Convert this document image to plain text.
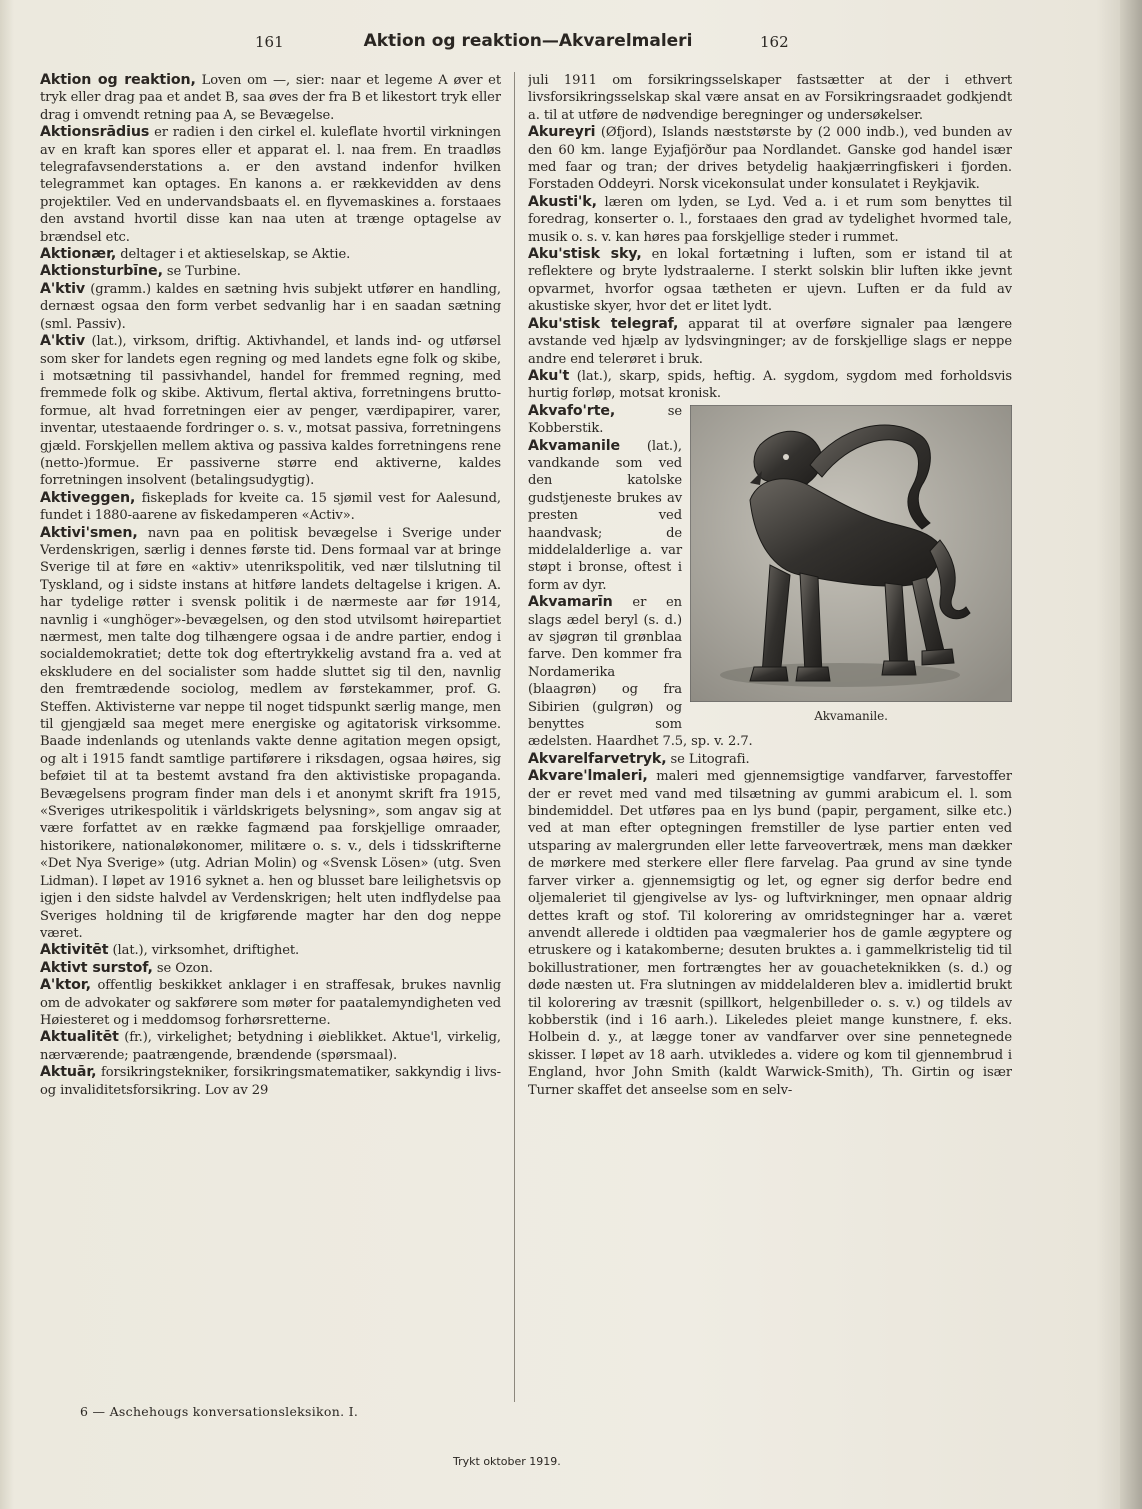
161	Aktion og reaktion—Akvarelmaleri	162

Aktion og reaktion, Loven om —, sier: naar et legeme A øver et tryk eller drag paa et andet B, saa øves der fra B et likestort tryk eller drag i omvendt retning paa A, se Bevægelse.

Aktionsrādius er radien i den cirkel el. kuleflate hvortil virkningen av en kraft kan spores eller et apparat el. l. naa frem. En traadløs telegrafavsenderstations a. er den avstand indenfor hvilken telegrammet kan optages. En kanons a. er rækkevidden av dens projektiler. Ved en undervandsbaats el. en flyvemaskines a. forstaaes den avstand hvortil disse kan naa uten at trænge optagelse av brændsel etc.

Aktionær, deltager i et aktieselskap, se Aktie.

Aktionsturbīne, se Turbine.

A'ktiv (gramm.) kaldes en sætning hvis subjekt utfører en handling, dernæst ogsaa den form verbet sedvanlig har i en saadan sætning (sml. Passiv).

A'ktiv (lat.), virksom, driftig. Aktivhandel, et lands ind- og utførsel som sker for landets egen regning og med landets egne folk og skibe, i motsætning til passivhandel, handel for fremmed regning, med fremmede folk og skibe. Aktivum, flertal aktiva, forretningens brutto-formue, alt hvad forretningen eier av penger, værdipapirer, varer, inventar, utestaaende fordringer o. s. v., motsat passiva, forretningens gjæld. Forskjellen mellem aktiva og passiva kaldes forretningens rene (netto-)formue. Er passiverne større end aktiverne, kaldes forretningen insolvent (betalingsudygtig).

Aktiveggen, fiskeplads for kveite ca. 15 sjømil vest for Aalesund, fundet i 1880-aarene av fiskedamperen «Activ».

Aktivi'smen, navn paa en politisk bevægelse i Sverige under Verdenskrigen, særlig i dennes første tid. Dens formaal var at bringe Sverige til at føre en «aktiv» utenrikspolitik, ved nær tilslutning til Tyskland, og i sidste instans at hitføre landets deltagelse i krigen. A. har tydelige røtter i svensk politik i de nærmeste aar før 1914, navnlig i «unghöger»-bevægelsen, og den stod utvilsomt høirepartiet nærmest, men talte dog tilhængere ogsaa i de andre partier, endog i socialdemokratiet; dette tok dog eftertrykkelig avstand fra a. ved at ekskludere en del socialister som hadde sluttet sig til den, navnlig den fremtrædende sociolog, medlem av førstekammer, prof. G. Steffen. Aktivisterne var neppe til noget tidspunkt særlig mange, men til gjengjæld saa meget mere energiske og agitatorisk virksomme. Baade indenlands og utenlands vakte denne agitation megen opsigt, og alt i 1915 fandt samtlige partiførere i riksdagen, ogsaa høires, sig beføiet til at ta bestemt avstand fra den aktivistiske propaganda. Bevægelsens program finder man dels i et anonymt skrift fra 1915, «Sveriges utrikespolitik i världskrigets belysning», som angav sig at være forfattet av en række fagmænd paa forskjellige omraader, historikere, nationaløkonomer, militære o. s. v., dels i tidsskrifterne «Det Nya Sverige» (utg. Adrian Molin) og «Svensk Lösen» (utg. Sven Lidman). I løpet av 1916 syknet a. hen og blusset bare leilighetsvis op igjen i den sidste halvdel av Verdenskrigen; helt uten indflydelse paa Sveriges holdning til de krigførende magter har den dog neppe været.

Aktivitēt (lat.), virksomhet, driftighet.

Aktivt surstof, se Ozon.

A'ktor, offentlig beskikket anklager i en straffesak, brukes navnlig om de advokater og sakførere som møter for paatalemyndigheten ved Høiesteret og i meddomsog forhørsretterne.

Aktualitēt (fr.), virkelighet; betydning i øieblikket. Aktue'l, virkelig, nærværende; paatrængende, brændende (spørsmaal).

Aktuār, forsikringstekniker, forsikringsmatematiker, sakkyndig i livs- og invaliditetsforsikring. Lov av 29

juli 1911 om forsikringsselskaper fastsætter at der i ethvert livsforsikringsselskap skal være ansat en av Forsikringsraadet godkjendt a. til at utføre de nødvendige beregninger og undersøkelser.

Akureyri (Øfjord), Islands næststørste by (2 000 indb.), ved bunden av den 60 km. lange Eyjafjörður paa Nordlandet. Ganske god handel især med faar og tran; der drives betydelig haakjærringfiskeri i fjorden. Forstaden Oddeyri. Norsk vicekonsulat under konsulatet i Reykjavik.

Akusti'k, læren om lyden, se Lyd. Ved a. i et rum som benyttes til foredrag, konserter o. l., forstaaes den grad av tydelighet hvormed tale, musik o. s. v. kan høres paa forskjellige steder i rummet.

Aku'stisk sky, en lokal fortætning i luften, som er istand til at reflektere og bryte lydstraalerne. I sterkt solskin blir luften ikke jevnt opvarmet, hvorfor ogsaa tætheten er ujevn. Luften er da fuld av akustiske skyer, hvor det er litet lydt.

Aku'stisk telegraf, apparat til at overføre signaler paa længere avstande ved hjælp av lydsvingninger; av de forskjellige slags er neppe andre end telerøret i bruk.

Aku't (lat.), skarp, spids, heftig. A. sygdom, sygdom med forholdsvis hurtig forløp, motsat kronisk.

Akvamanile.

Akvafo'rte, se Kobberstik.

Akvamanile (lat.), vandkande som ved den katolske gudstjeneste brukes av presten ved haandvask; de middelalderlige a. var støpt i bronse, oftest i form av dyr.

Akvamarīn er en slags ædel beryl (s. d.) av sjøgrøn til grønblaa farve. Den kommer fra Nordamerika (blaagrøn) og fra Sibirien (gulgrøn) og benyttes som ædelsten. Haardhet 7.5, sp. v. 2.7.

Akvarelfarvetryk, se Litografi.

Akvare'lmaleri, maleri med gjennemsigtige vandfarver, farvestoffer der er revet med vand med tilsætning av gummi arabicum el. l. som bindemiddel. Det utføres paa en lys bund (papir, pergament, silke etc.) ved at man efter optegningen fremstiller de lyse partier enten ved utsparing av malergrunden eller lette farveovertræk, mens man dækker de mørkere med sterkere eller flere farvelag. Paa grund av sine tynde farver virker a. gjennemsigtig og let, og egner sig derfor bedre end oljemaleriet til gjengivelse av lys- og luftvirkninger, men opnaar aldrig dettes kraft og stof. Til kolorering av omridstegninger har a. været anvendt allerede i oldtiden paa vægmalerier hos de gamle ægyptere og etruskere og i katakomberne; desuten bruktes a. i gammelkristelig tid til bokillustrationer, men fortrængtes her av gouacheteknikken (s. d.) og døde næsten ut. Fra slutningen av middelalderen blev a. imidlertid brukt til kolorering av træsnit (spillkort, helgenbilleder o. s. v.) og tildels av kobberstik (ind i 16 aarh.). Likeledes pleiet mange kunstnere, f. eks. Holbein d. y., at lægge toner av vandfarver over sine pennetegnede skisser. I løpet av 18 aarh. utvikledes a. videre og kom til gjennembrud i England, hvor John Smith (kaldt Warwick-Smith), Th. Girtin og især Turner skaffet det anseelse som en selv-

6 — Aschehougs konversationsleksikon. I.
Trykt oktober 1919.
